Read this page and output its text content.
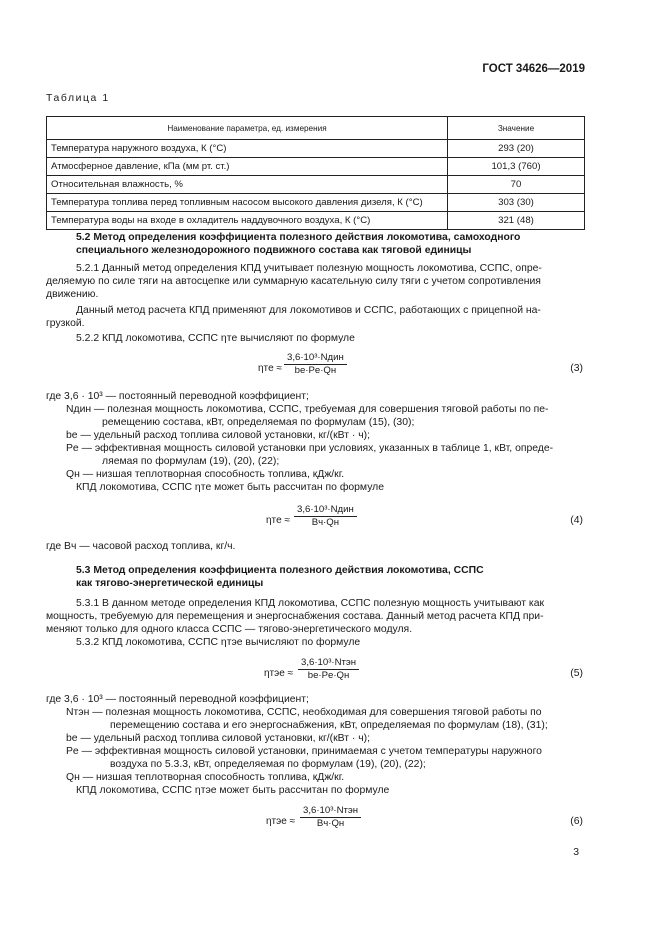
ГОСТ 34626—2019
Таблица 1
Наименование параметра, ед. измерения	Значение
Температура наружного воздуха, К (°С)	293 (20)
Атмосферное давление, кПа (мм рт. ст.)	101,3 (760)
Относительная влажность, %	70
Температура топлива перед топливным насосом высокого давления дизеля, К (°С)	303 (30)
Температура воды на входе в охладитель наддувочного воздуха, К (°С)	321 (48)
5.2 Метод определения коэффициента полезного действия локомотива, самоходного
специального железнодорожного подвижного состава как тяговой единицы
5.2.1 Данный метод определения КПД учитывает полезную мощность локомотива, ССПС, опре-
деляемую по силе тяги на автосцепке или суммарную касательную силу тяги с учетом сопротивления
движению.
Данный метод расчета КПД применяют для локомотивов и ССПС, работающих с прицепной на-
грузкой.
5.2.2 КПД локомотива, ССПС ηтe вычисляют по формуле
ηтe ≈
3,6·10³·Nдин
be·Pe·Qн	(3)
где 3,6 · 10³ — постоянный переводной коэффициент;
Nдин — полезная мощность локомотива, ССПС, требуемая для совершения тяговой работы по пе-
ремещению состава, кВт, определяемая по формулам (15), (30);
be — удельный расход топлива силовой установки, кг/(кВт · ч);
Pe — эффективная мощность силовой установки при условиях, указанных в таблице 1, кВт, опреде-
ляемая по формулам (19), (20), (22);
Qн — низшая теплотворная способность топлива, кДж/кг.
КПД локомотива, ССПС ηтe может быть рассчитан по формуле
ηтe ≈
3,6·10³·Nдин
Bч·Qн	(4)
где Bч — часовой расход топлива, кг/ч.
5.3 Метод определения коэффициента полезного действия локомотива, ССПС
как тягово-энергетической единицы
5.3.1 В данном методе определения КПД локомотива, ССПС полезную мощность учитывают как
мощность, требуемую для перемещения и энергоснабжения состава. Данный метод расчета КПД при-
меняют только для одного класса ССПС — тягово-энергетического модуля.
5.3.2 КПД локомотива, ССПС ηтэe вычисляют по формуле
ηтэe ≈
3,6·10³·Nтэн
be·Pe·Qн	(5)
где 3,6 · 10³ — постоянный переводной коэффициент;
Nтэн — полезная мощность локомотива, ССПС, необходимая для совершения тяговой работы по
перемещению состава и его энергоснабжения, кВт, определяемая по формулам (18), (31);
be — удельный расход топлива силовой установки, кг/(кВт · ч);
Pe — эффективная мощность силовой установки, принимаемая с учетом температуры наружного
воздуха по 5.3.3, кВт, определяемая по формулам (19), (20), (22);
Qн — низшая теплотворная способность топлива, кДж/кг.
КПД локомотива, ССПС ηтэe может быть рассчитан по формуле
ηтэe ≈
3,6·10³·Nтэн
Bч·Qн	(6)
3
